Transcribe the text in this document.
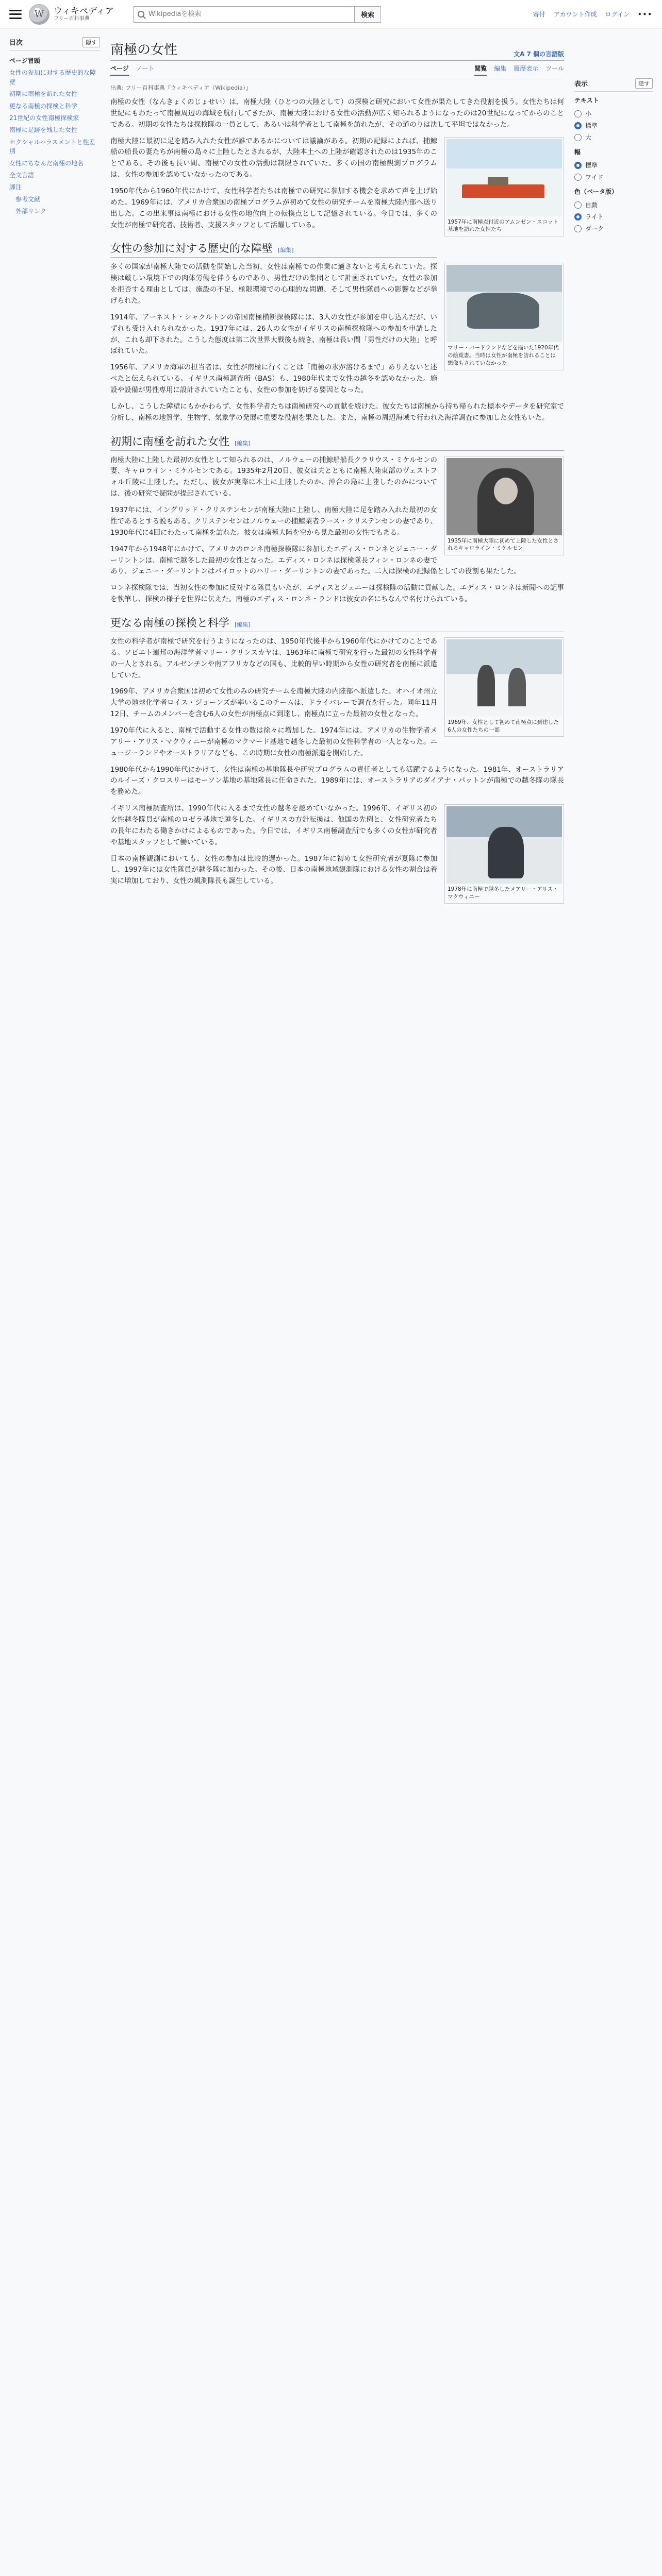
W	ウィキペディア
フリー百科事典
Wikipediaを検索	検索	寄付 アカウント作成 ログイン •••
目次	隠す
ページ冒頭
女性の参加に対する歴史的な障壁
初期に南極を訪れた女性
更なる南極の探検と科学
21世紀の女性南極探検家
南極に足跡を残した女性
セクシャルハラスメントと性差別
女性にちなんだ南極の地名
全文言語
脚注
参考文献
外部リンク
南極の女性	文A 7 個の言語版
ページ ノート	閲覧 編集 履歴表示 ツール
出典: フリー百科事典『ウィキペディア（Wikipedia）』

南極の女性（なんきょくのじょせい）は、南極大陸（ひとつの大陸として）の探検と研究において女性が果たしてきた役割を扱う。女性たちは何世紀にもわたって南極周辺の海域を航行してきたが、南極大陸における女性の活動が広く知られるようになったのは20世紀になってからのことである。初期の女性たちは探検隊の一員として、あるいは科学者として南極を訪れたが、その道のりは決して平坦ではなかった。

1957年に南極点付近のアムンゼン・スコット基地を訪れた女性たち

南極大陸に最初に足を踏み入れた女性が誰であるかについては議論がある。初期の記録によれば、捕鯨船の船長の妻たちが南極の島々に上陸したとされるが、大陸本土への上陸が確認されたのは1935年のことである。その後も長い間、南極での女性の活動は制限されていた。多くの国の南極観測プログラムは、女性の参加を認めていなかったのである。

1950年代から1960年代にかけて、女性科学者たちは南極での研究に参加する機会を求めて声を上げ始めた。1969年には、アメリカ合衆国の南極プログラムが初めて女性の研究チームを南極大陸内部へ送り出した。この出来事は南極における女性の地位向上の転換点として記憶されている。今日では、多くの女性が南極で研究者、技術者、支援スタッフとして活躍している。

女性の参加に対する歴史的な障壁 [編集]
マリー・バードランドなどを描いた1920年代の絵葉書。当時は女性が南極を訪れることは想像もされていなかった

多くの国家が南極大陸での活動を開始した当初、女性は南極での作業に適さないと考えられていた。探検は厳しい環境下での肉体労働を伴うものであり、男性だけの集団として計画されていた。女性の参加を拒否する理由としては、施設の不足、極限環境での心理的な問題、そして男性隊員への影響などが挙げられた。

1914年、アーネスト・シャクルトンの帝国南極横断探検隊には、3人の女性が参加を申し込んだが、いずれも受け入れられなかった。1937年には、26人の女性がイギリスの南極探検隊への参加を申請したが、これも却下された。こうした態度は第二次世界大戦後も続き、南極は長い間「男性だけの大陸」と呼ばれていた。

1956年、アメリカ海軍の担当者は、女性が南極に行くことは「南極の氷が溶けるまで」ありえないと述べたと伝えられている。イギリス南極調査所（BAS）も、1980年代まで女性の越冬を認めなかった。施設や設備が男性専用に設計されていたことも、女性の参加を妨げる要因となった。

しかし、こうした障壁にもかかわらず、女性科学者たちは南極研究への貢献を続けた。彼女たちは南極から持ち帰られた標本やデータを研究室で分析し、南極の地質学、生物学、気象学の発展に重要な役割を果たした。また、南極の周辺海域で行われた海洋調査に参加した女性もいた。

初期に南極を訪れた女性 [編集]
1935年に南極大陸に初めて上陸した女性とされるキャロライン・ミケルセン

南極大陸に上陸した最初の女性として知られるのは、ノルウェーの捕鯨船船長クラリウス・ミケルセンの妻、キャロライン・ミケルセンである。1935年2月20日、彼女は夫とともに南極大陸東部のヴェストフォル丘陵に上陸した。ただし、彼女が実際に本土に上陸したのか、沖合の島に上陸したのかについては、後の研究で疑問が提起されている。

1937年には、イングリッド・クリステンセンが南極大陸に上陸し、南極大陸に足を踏み入れた最初の女性であるとする説もある。クリステンセンはノルウェーの捕鯨業者ラース・クリステンセンの妻であり、1930年代に4回にわたって南極を訪れた。彼女は南極大陸を空から見た最初の女性でもある。

1947年から1948年にかけて、アメリカのロンネ南極探検隊に参加したエディス・ロンネとジェニー・ダーリントンは、南極で越冬した最初の女性となった。エディス・ロンネは探検隊長フィン・ロンネの妻であり、ジェニー・ダーリントンはパイロットのハリー・ダーリントンの妻であった。二人は探検の記録係としての役割も果たした。

ロンネ探検隊では、当初女性の参加に反対する隊員もいたが、エディスとジェニーは探検隊の活動に貢献した。エディス・ロンネは新聞への記事を執筆し、探検の様子を世界に伝えた。南極のエディス・ロンネ・ランドは彼女の名にちなんで名付けられている。

更なる南極の探検と科学 [編集]
1969年、女性として初めて南極点に到達した6人の女性たちの一部

女性の科学者が南極で研究を行うようになったのは、1950年代後半から1960年代にかけてのことである。ソビエト連邦の海洋学者マリー・クリンスカヤは、1963年に南極で研究を行った最初の女性科学者の一人とされる。アルゼンチンや南アフリカなどの国も、比較的早い時期から女性の研究者を南極に派遣していた。

1969年、アメリカ合衆国は初めて女性のみの研究チームを南極大陸の内陸部へ派遣した。オハイオ州立大学の地球化学者ロイス・ジョーンズが率いるこのチームは、ドライバレーで調査を行った。同年11月12日、チームのメンバーを含む6人の女性が南極点に到達し、南極点に立った最初の女性となった。

1970年代に入ると、南極で活動する女性の数は徐々に増加した。1974年には、アメリカの生物学者メアリー・アリス・マクウィニーが南極のマクマード基地で越冬した最初の女性科学者の一人となった。ニュージーランドやオーストラリアなども、この時期に女性の南極派遣を開始した。

1980年代から1990年代にかけて、女性は南極の基地隊長や研究プログラムの責任者としても活躍するようになった。1981年、オーストラリアのルイーズ・クロスリーはモーソン基地の基地隊長に任命された。1989年には、オーストラリアのダイアナ・パットンが南極での越冬隊の隊長を務めた。

1978年に南極で越冬したメアリー・アリス・マクウィニー

イギリス南極調査所は、1990年代に入るまで女性の越冬を認めていなかった。1996年、イギリス初の女性越冬隊員が南極のロゼラ基地で越冬した。イギリスの方針転換は、他国の先例と、女性研究者たちの長年にわたる働きかけによるものであった。今日では、イギリス南極調査所でも多くの女性が研究者や基地スタッフとして働いている。

日本の南極観測においても、女性の参加は比較的遅かった。1987年に初めて女性研究者が夏隊に参加し、1997年には女性隊員が越冬隊に加わった。その後、日本の南極地域観測隊における女性の割合は着実に増加しており、女性の観測隊長も誕生している。

表示	隠す
テキスト
小
標準
大
幅
標準
ワイド
色（ベータ版）
自動
ライト
ダーク
